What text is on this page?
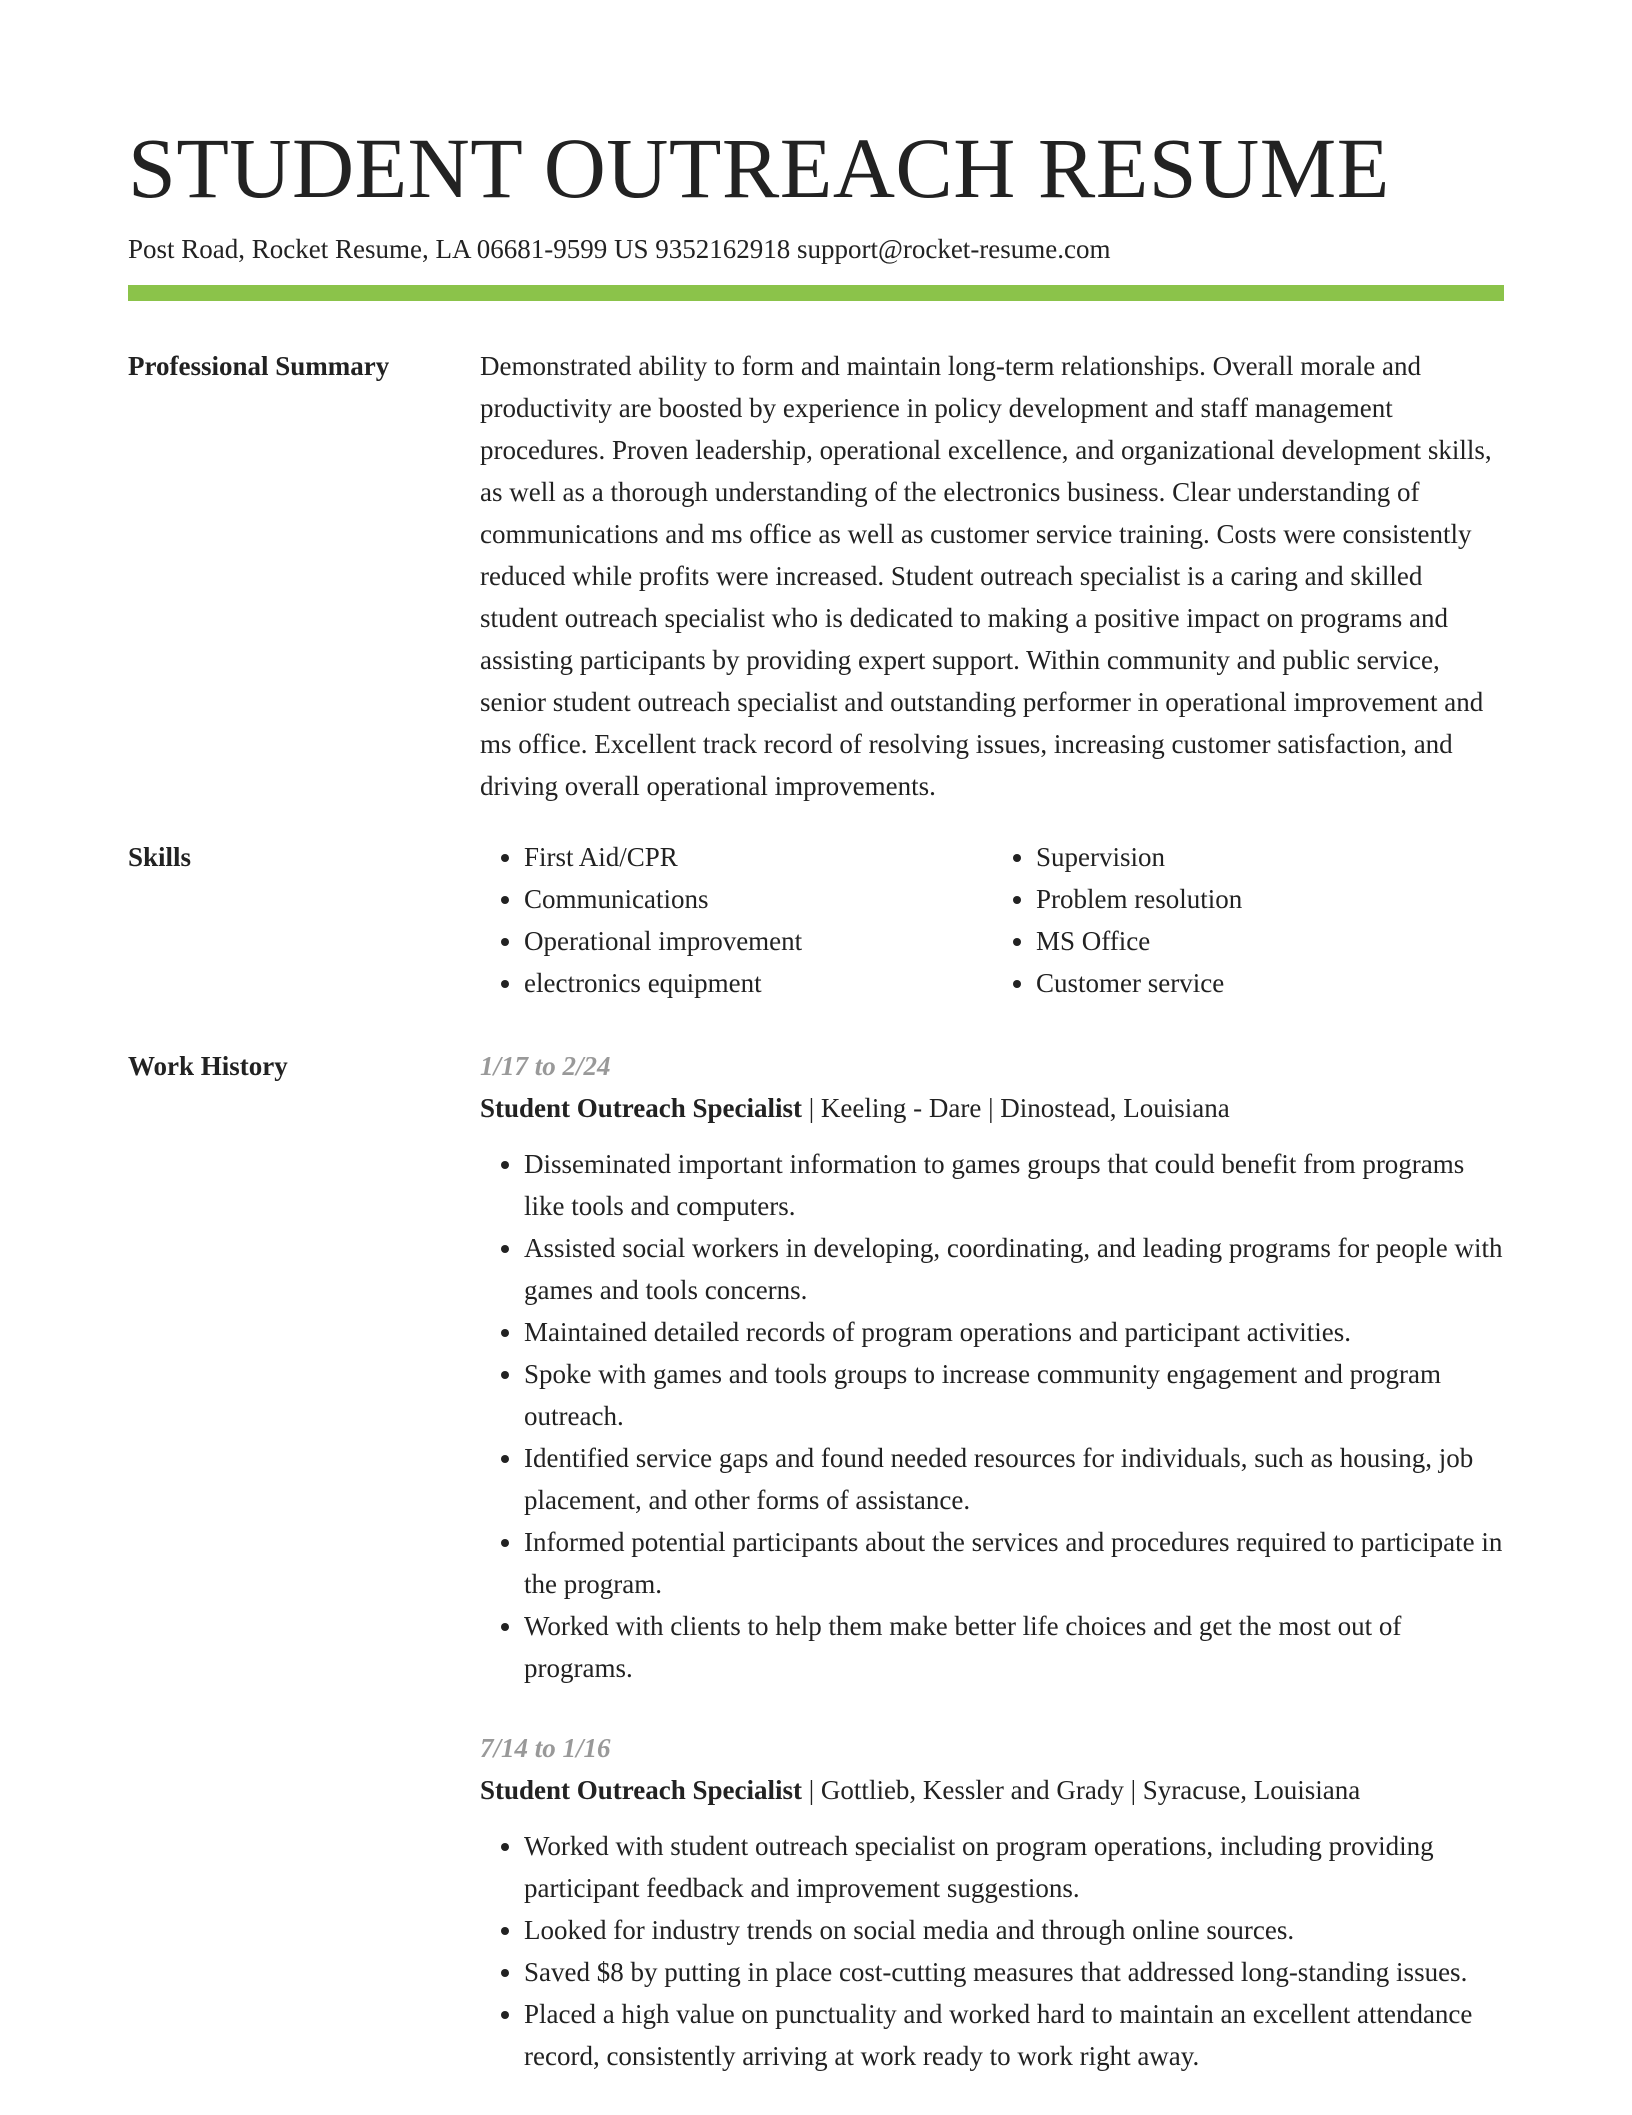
STUDENT OUTREACH RESUME
Post Road, Rocket Resume, LA 06681-9599 US 9352162918 support@rocket-resume.com
Professional Summary	Demonstrated ability to form and maintain long-term relationships. Overall morale and productivity are boosted by experience in policy development and staff management procedures. Proven leadership, operational excellence, and organizational development skills, as well as a thorough understanding of the electronics business. Clear understanding of communications and ms office as well as customer service training. Costs were consistently reduced while profits were increased. Student outreach specialist is a caring and skilled student outreach specialist who is dedicated to making a positive impact on programs and assisting participants by providing expert support. Within community and public service, senior student outreach specialist and outstanding performer in operational improvement and ms office. Excellent track record of resolving issues, increasing customer satisfaction, and driving overall operational improvements.

Skills
•	First Aid/CPR
• Communications
• Operational improvement
• electronics equipment
• Supervision
• Problem resolution
• MS Office
• Customer service
Work History	1/17 to 2/24
Student Outreach Specialist | Keeling - Dare | Dinostead, Louisiana
• Disseminated important information to games groups that could benefit from programs like tools and computers.
• Assisted social workers in developing, coordinating, and leading programs for people with games and tools concerns.
• Maintained detailed records of program operations and participant activities.
• Spoke with games and tools groups to increase community engagement and program outreach.
• Identified service gaps and found needed resources for individuals, such as housing, job placement, and other forms of assistance.
• Informed potential participants about the services and procedures required to participate in the program.
• Worked with clients to help them make better life choices and get the most out of programs.
7/14 to 1/16
Student Outreach Specialist | Gottlieb, Kessler and Grady | Syracuse, Louisiana
• Worked with student outreach specialist on program operations, including providing participant feedback and improvement suggestions.
• Looked for industry trends on social media and through online sources.
• Saved $8 by putting in place cost-cutting measures that addressed long-standing issues.
• Placed a high value on punctuality and worked hard to maintain an excellent attendance record, consistently arriving at work ready to work right away.
